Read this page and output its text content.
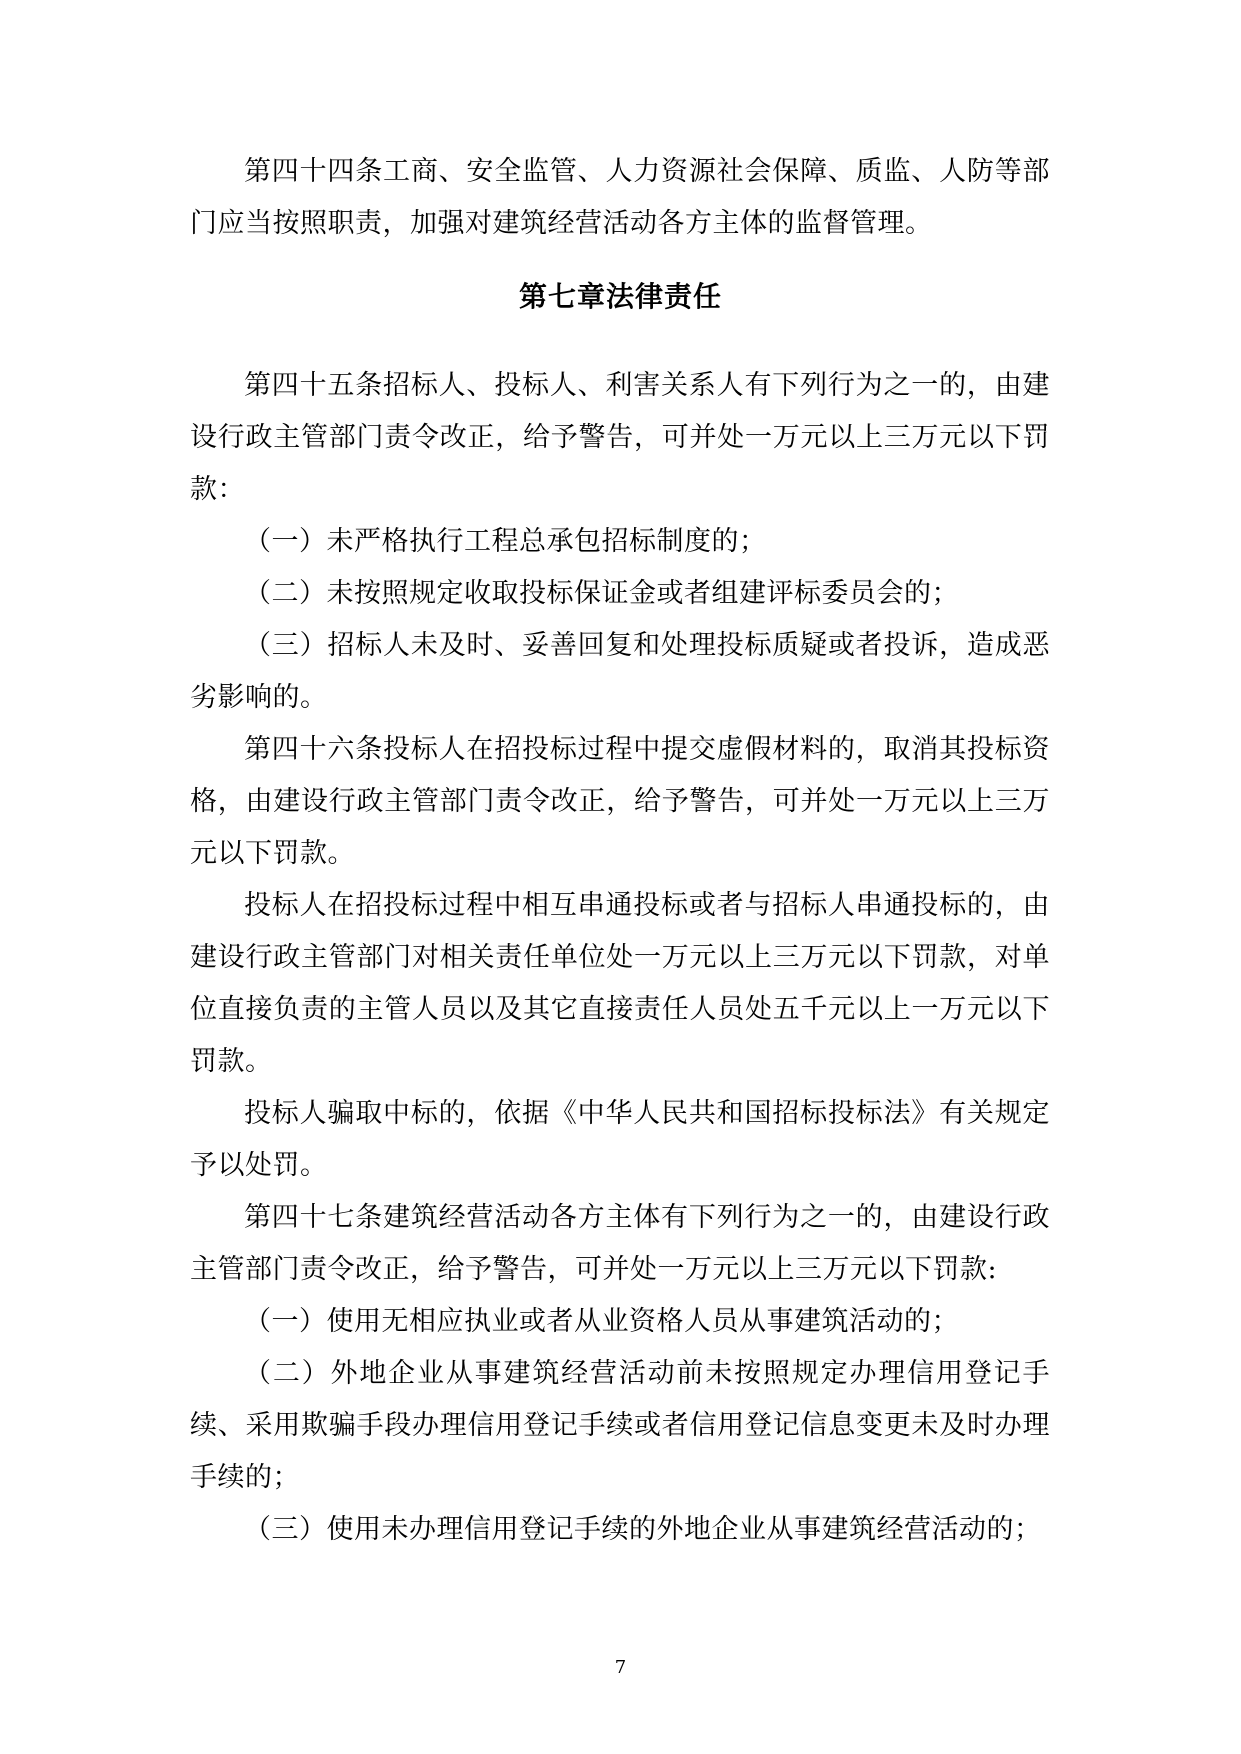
第四十四条工商、安全监管、人力资源社会保障、质监、人防等部门应当按照职责，加强对建筑经营活动各方主体的监督管理。

第七章法律责任

第四十五条招标人、投标人、利害关系人有下列行为之一的，由建设行政主管部门责令改正，给予警告，可并处一万元以上三万元以下罚款：

（一）未严格执行工程总承包招标制度的；

（二）未按照规定收取投标保证金或者组建评标委员会的；

（三）招标人未及时、妥善回复和处理投标质疑或者投诉，造成恶劣影响的。

第四十六条投标人在招投标过程中提交虚假材料的，取消其投标资格，由建设行政主管部门责令改正，给予警告，可并处一万元以上三万元以下罚款。

投标人在招投标过程中相互串通投标或者与招标人串通投标的，由建设行政主管部门对相关责任单位处一万元以上三万元以下罚款，对单位直接负责的主管人员以及其它直接责任人员处五千元以上一万元以下罚款。

投标人骗取中标的，依据《中华人民共和国招标投标法》有关规定予以处罚。

第四十七条建筑经营活动各方主体有下列行为之一的，由建设行政主管部门责令改正，给予警告，可并处一万元以上三万元以下罚款:

（一）使用无相应执业或者从业资格人员从事建筑活动的；

（二）外地企业从事建筑经营活动前未按照规定办理信用登记手续、采用欺骗手段办理信用登记手续或者信用登记信息变更未及时办理手续的；

（三）使用未办理信用登记手续的外地企业从事建筑经营活动的；

7
